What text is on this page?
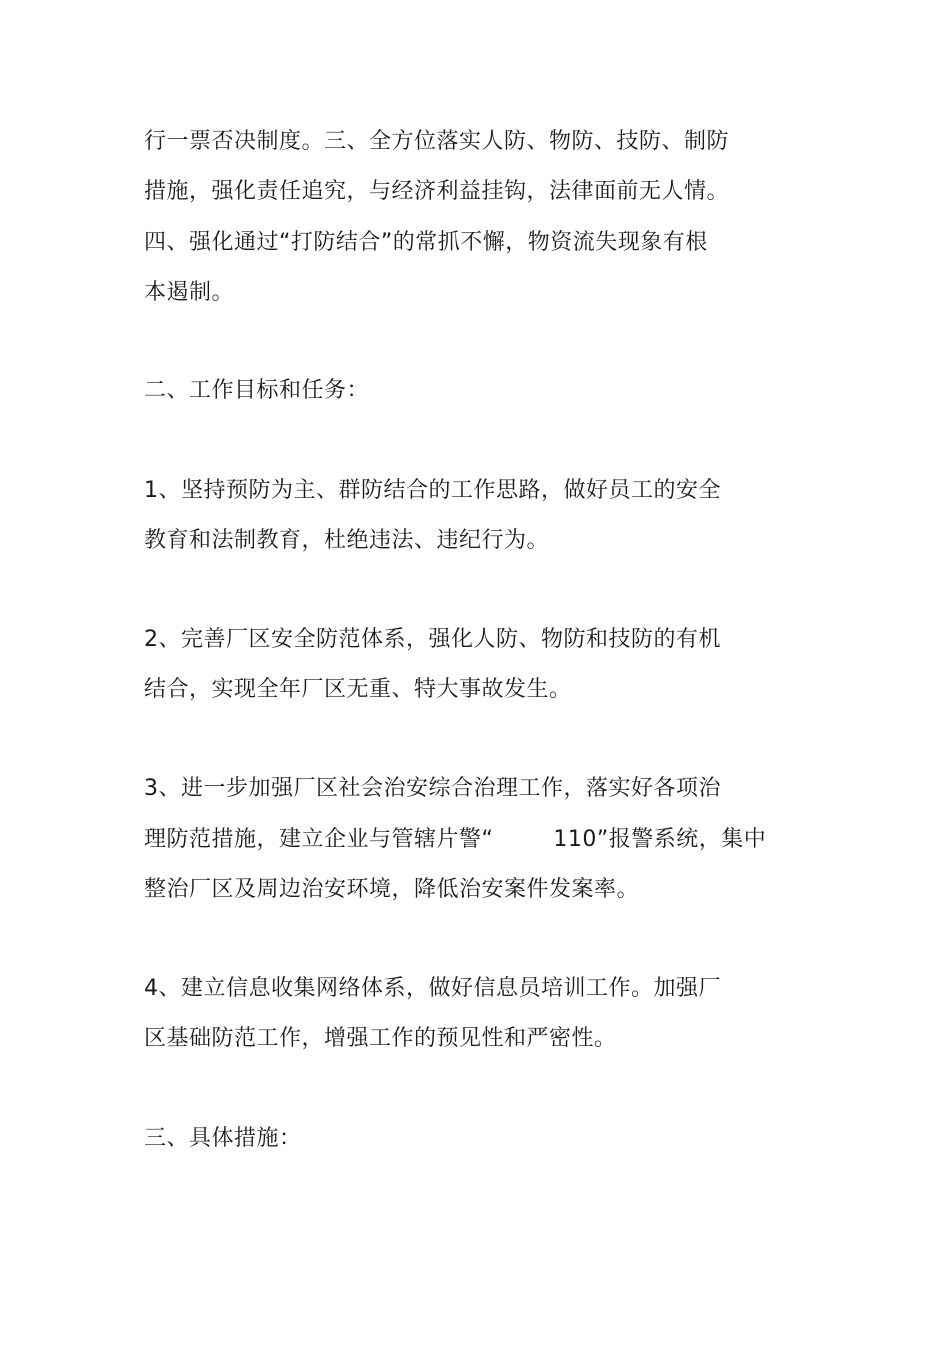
行一票否决制度。三、全方位落实人防、物防、技防、制防
措施，强化责任追究，与经济利益挂钩，法律面前无人情。
四、强化通过“打防结合”的常抓不懈，物资流失现象有根
本遏制。
二、工作目标和任务：
1、坚持预防为主、群防结合的工作思路，做好员工的安全
教育和法制教育，杜绝违法、违纪行为。
2、完善厂区安全防范体系，强化人防、物防和技防的有机
结合，实现全年厂区无重、特大事故发生。
3、进一步加强厂区社会治安综合治理工作，落实好各项治
理防范措施，建立企业与管辖片警“        110”报警系统，集中
整治厂区及周边治安环境，降低治安案件发案率。
4、建立信息收集网络体系，做好信息员培训工作。加强厂
区基础防范工作，增强工作的预见性和严密性。
三、具体措施：
